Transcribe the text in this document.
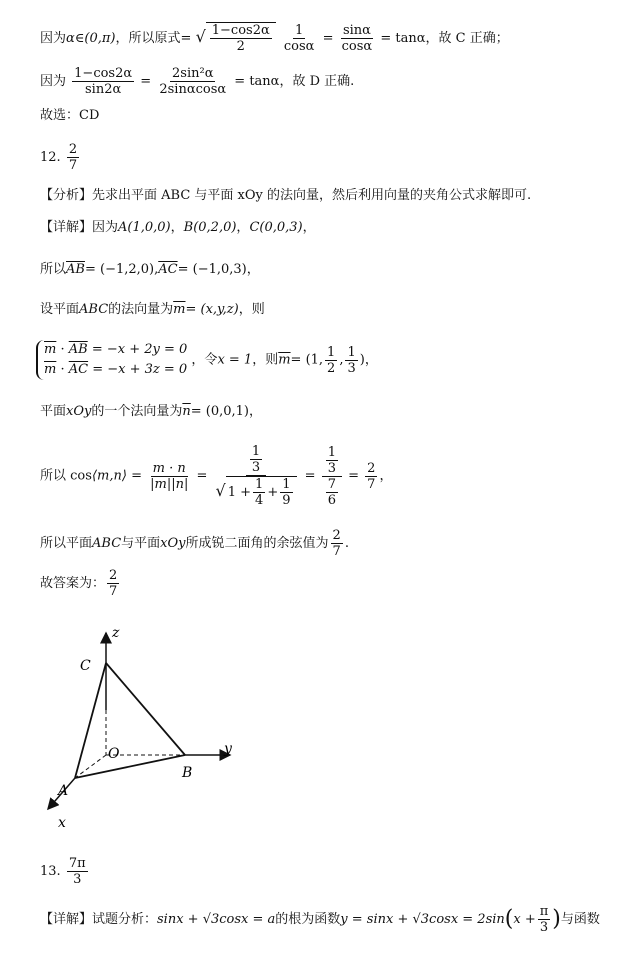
因为α∈(0,π)，所以原式= √ $\frac{1-\cos 2\alpha}{2}$
$\frac{1}{\cos\alpha} = \frac{\sin\alpha}{\cos\alpha} = \tan\alpha$，故 C 正确；
因为 $\frac{1-\cos 2\alpha}{\sin 2\alpha} = \frac{\text{2sin²α}}{2\sin\alpha\cos\alpha} = \tan\alpha$，故 D 正确.
故选：CD
12. $\frac{2}{7}$
【分析】先求出平面 ABC 与平面 xOy 的法向量，然后利用向量的夹角公式求解即可.
【详解】因为A(1,0,0)，B(0,2,0)，C(0,0,3)，
所以$\overline{AB}= (-1,2,0),\overline{AC}= (-1,0,3)$，
设平面ABC的法向量为$\overline{m}= (x,y,z)$，则
$\overline{m} \cdot \overline{AB} = -x + 2y = 0$
$\overline{m} \cdot \overline{AC} = -x + 3z = 0$
，令x = 1，则$\overline{m}= (1$, $\frac{1}{2}$ , $\frac{1}{3}$ )，
平面xOy的一个法向量为$\overline{n}= (0,0,1)$，
所以 cos⟨m,n⟩ = $\frac{m \cdot n}{|m||n|} = \frac{\frac{1}{3}}{√ 1 + \frac{1}{4} + \frac{1}{9}} = \frac{\frac{1}{3}}{\frac{7}{6}} = \frac{2}{7}$ ，
所以平面ABC与平面xOy所成锐二面角的余弦值为 $\frac{2}{7}$ .
故答案为： $\frac{2}{7}$
z
y
x
C
O
A
B
13. $\frac{7\pi}{3}$
【详解】试题分析：sinx + √3cosx = a的根为函数$y = \sin x + √3\cos x = 2\sin(x + \frac{\pi}{3}$ )与函数
